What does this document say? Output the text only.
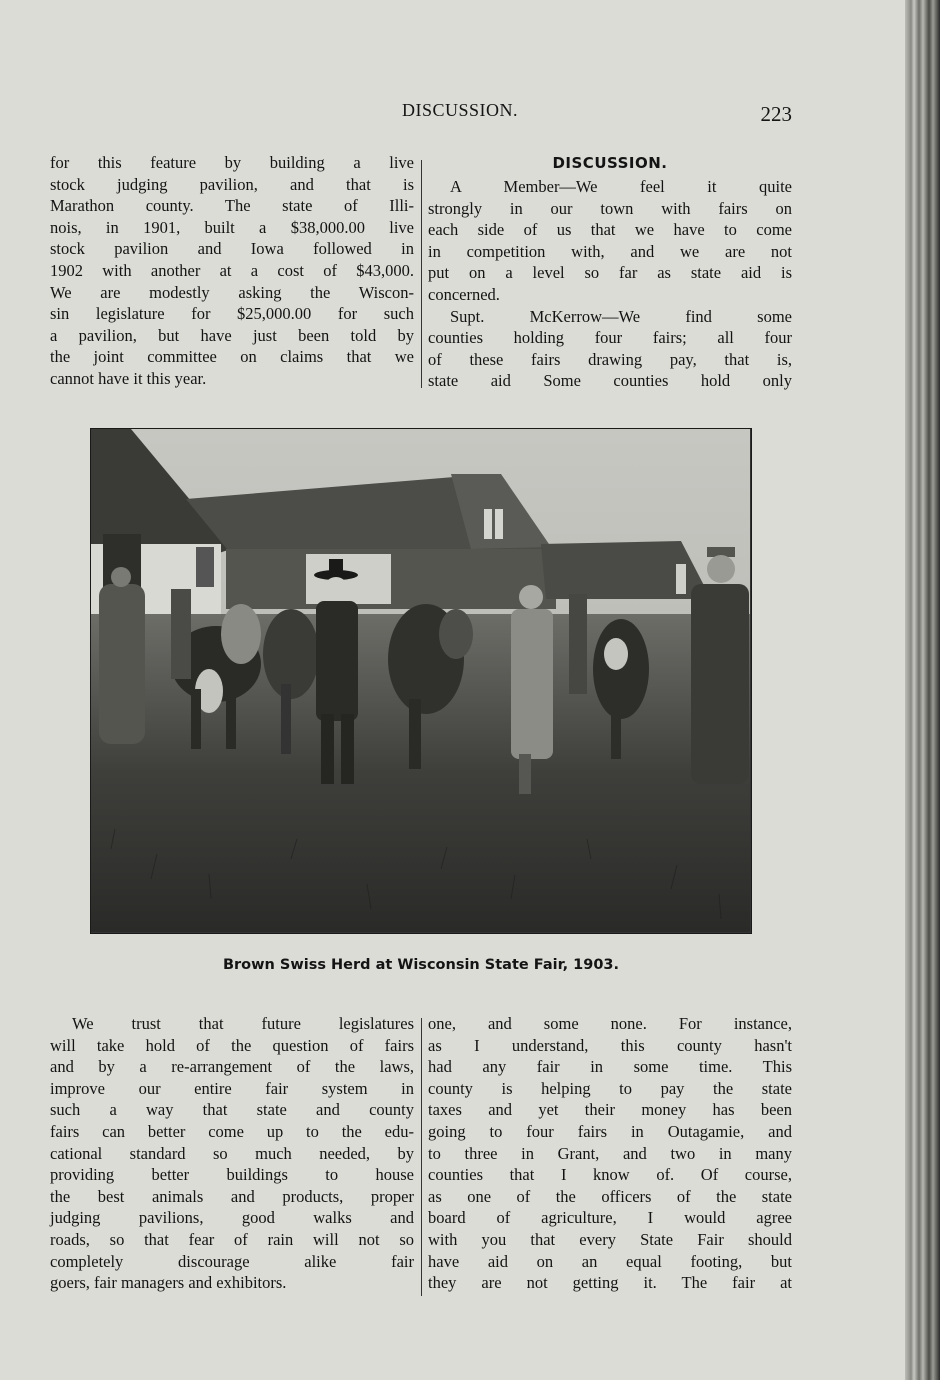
DISCUSSION.	223

for this feature by building a live

stock judging pavilion, and that is

Marathon county. The state of Illi-

nois, in 1901, built a $38,000.00 live

stock pavilion and Iowa followed in

1902 with another at a cost of $43,000.

We are modestly asking the Wiscon-

sin legislature for $25,000.00 for such

a pavilion, but have just been told by

the joint committee on claims that we

cannot have it this year.

DISCUSSION.

A Member—We feel it quite

strongly in our town with fairs on

each side of us that we have to come

in competition with, and we are not

put on a level so far as state aid is

concerned.

Supt. McKerrow—We find some

counties holding four fairs; all four

of these fairs drawing pay, that is,

state aid Some counties hold only

Brown Swiss Herd at Wisconsin State Fair, 1903.

We trust that future legislatures

will take hold of the question of fairs

and by a re-arrangement of the laws,

improve our entire fair system in

such a way that state and county

fairs can better come up to the edu-

cational standard so much needed, by

providing better buildings to house

the best animals and products, proper

judging pavilions, good walks and

roads, so that fear of rain will not so

completely discourage alike fair

goers, fair managers and exhibitors.

one, and some none. For instance,

as I understand, this county hasn't

had any fair in some time. This

county is helping to pay the state

taxes and yet their money has been

going to four fairs in Outagamie, and

to three in Grant, and two in many

counties that I know of. Of course,

as one of the officers of the state

board of agriculture, I would agree

with you that every State Fair should

have aid on an equal footing, but

they are not getting it. The fair at
